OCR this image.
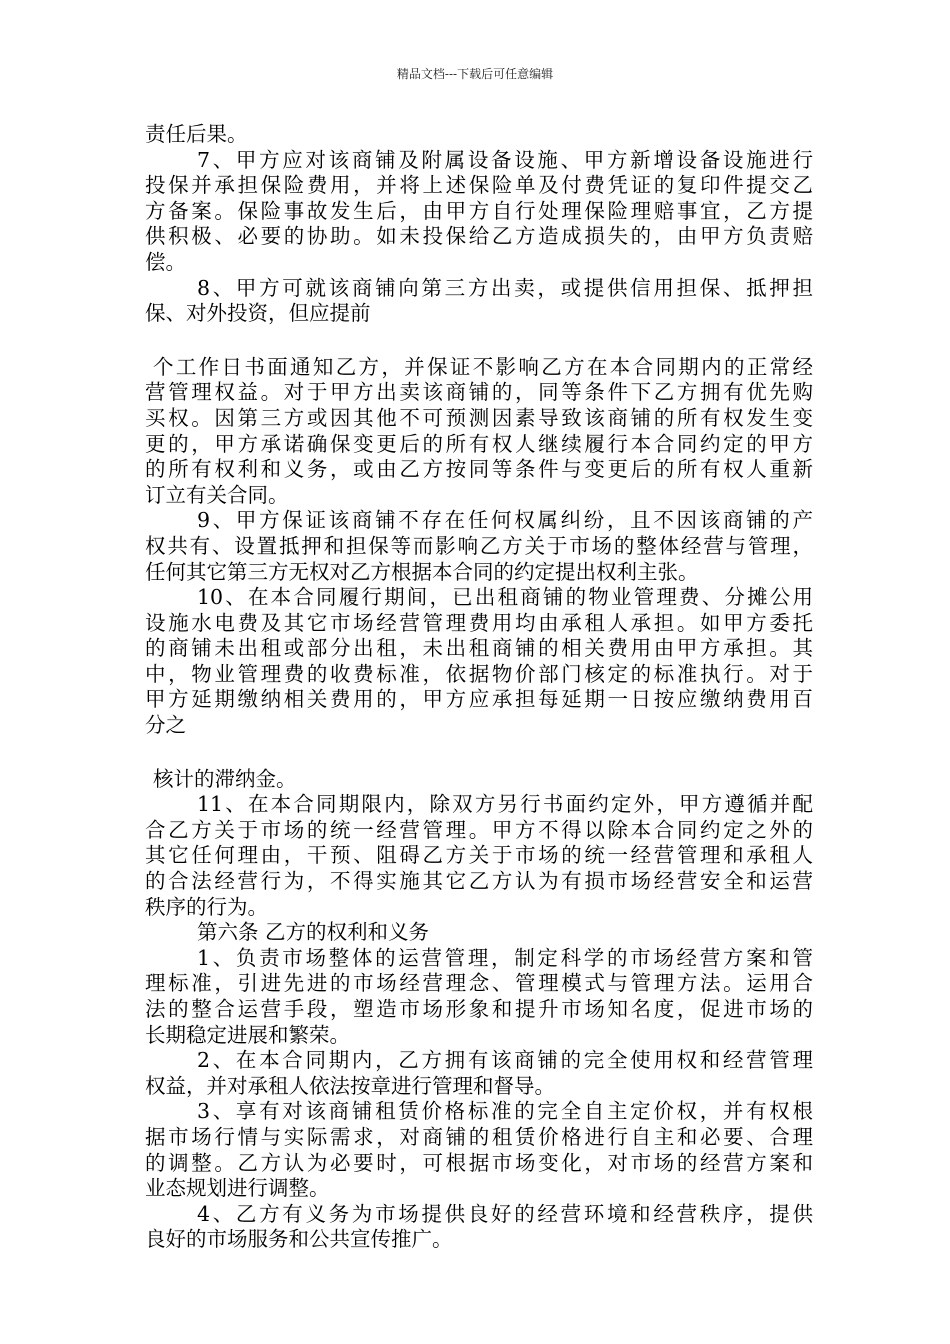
精品文档---下载后可任意编辑
责任后果。
7、甲方应对该商铺及附属设备设施、甲方新增设备设施进行
投保并承担保险费用，并将上述保险单及付费凭证的复印件提交乙
方备案。保险事故发生后，由甲方自行处理保险理赔事宜，乙方提
供积极、必要的协助。如未投保给乙方造成损失的，由甲方负责赔
偿。
8、甲方可就该商铺向第三方出卖，或提供信用担保、抵押担
保、对外投资，但应提前
个工作日书面通知乙方，并保证不影响乙方在本合同期内的正常经
营管理权益。对于甲方出卖该商铺的，同等条件下乙方拥有优先购
买权。因第三方或因其他不可预测因素导致该商铺的所有权发生变
更的，甲方承诺确保变更后的所有权人继续履行本合同约定的甲方
的所有权利和义务，或由乙方按同等条件与变更后的所有权人重新
订立有关合同。
9、甲方保证该商铺不存在任何权属纠纷，且不因该商铺的产
权共有、设置抵押和担保等而影响乙方关于市场的整体经营与管理，
任何其它第三方无权对乙方根据本合同的约定提出权利主张。
10、在本合同履行期间，已出租商铺的物业管理费、分摊公用
设施水电费及其它市场经营管理费用均由承租人承担。如甲方委托
的商铺未出租或部分出租，未出租商铺的相关费用由甲方承担。其
中，物业管理费的收费标准，依据物价部门核定的标准执行。对于
甲方延期缴纳相关费用的，甲方应承担每延期一日按应缴纳费用百
分之
核计的滞纳金。
11、在本合同期限内，除双方另行书面约定外，甲方遵循并配
合乙方关于市场的统一经营管理。甲方不得以除本合同约定之外的
其它任何理由，干预、阻碍乙方关于市场的统一经营管理和承租人
的合法经营行为，不得实施其它乙方认为有损市场经营安全和运营
秩序的行为。
第六条 乙方的权利和义务
1、负责市场整体的运营管理，制定科学的市场经营方案和管
理标准，引进先进的市场经营理念、管理模式与管理方法。运用合
法的整合运营手段，塑造市场形象和提升市场知名度，促进市场的
长期稳定进展和繁荣。
2、在本合同期内，乙方拥有该商铺的完全使用权和经营管理
权益，并对承租人依法按章进行管理和督导。
3、享有对该商铺租赁价格标准的完全自主定价权，并有权根
据市场行情与实际需求，对商铺的租赁价格进行自主和必要、合理
的调整。乙方认为必要时，可根据市场变化，对市场的经营方案和
业态规划进行调整。
4、乙方有义务为市场提供良好的经营环境和经营秩序，提供
良好的市场服务和公共宣传推广。
